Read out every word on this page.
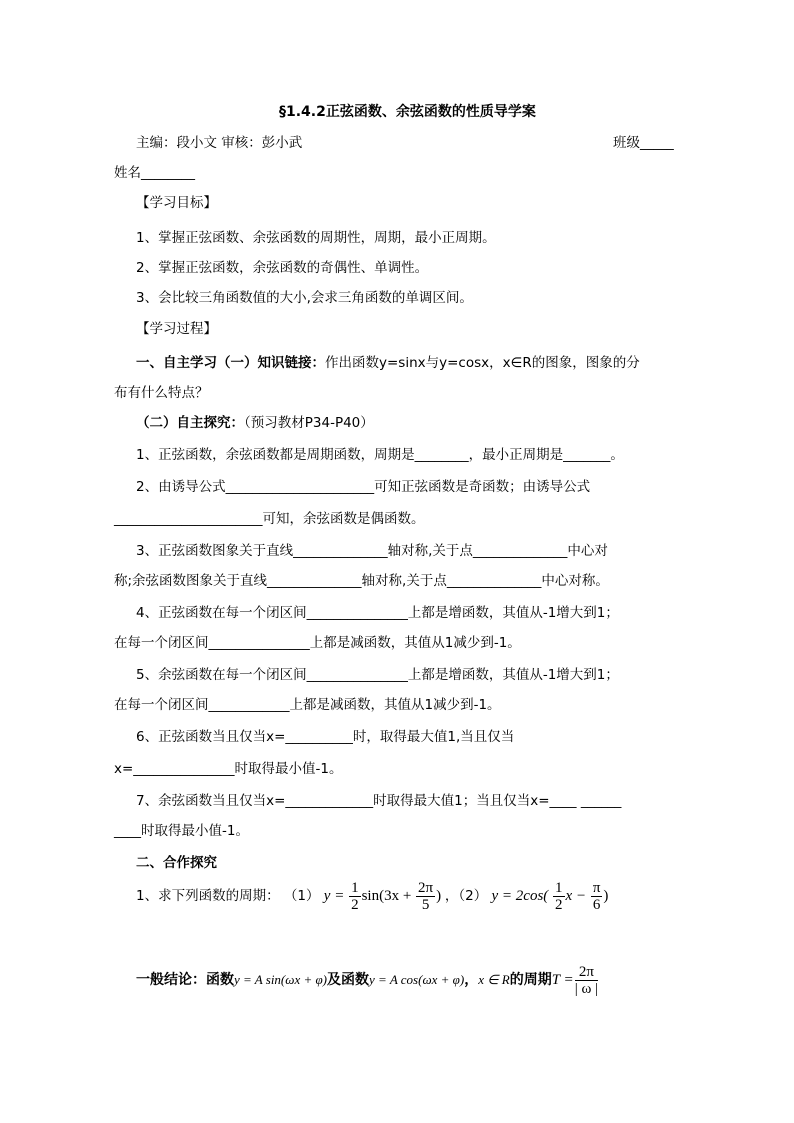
§1.4.2正弦函数、余弦函数的性质导学案
主编：段小文 审核：彭小武	班级_____
姓名________
【学习目标】
1、掌握正弦函数、余弦函数的周期性，周期，最小正周期。
2、掌握正弦函数，余弦函数的奇偶性、单调性。
3、会比较三角函数值的大小,会求三角函数的单调区间。
【学习过程】
一、自主学习（一）知识链接：作出函数y=sinx与y=cosx，x∈R的图象，图象的分
布有什么特点？
（二）自主探究：（预习教材P34-P40）
1、正弦函数，余弦函数都是周期函数，周期是________，最小正周期是_______。
2、由诱导公式______________________可知正弦函数是奇函数；由诱导公式
______________________可知，余弦函数是偶函数。
3、正弦函数图象关于直线______________轴对称,关于点______________中心对
称;余弦函数图象关于直线______________轴对称,关于点______________中心对称。
4、正弦函数在每一个闭区间_______________上都是增函数，其值从-1增大到1；
在每一个闭区间_______________上都是减函数，其值从1减少到-1。
5、余弦函数在每一个闭区间_______________上都是增函数，其值从-1增大到1；
在每一个闭区间____________上都是减函数，其值从1减少到-1。
6、正弦函数当且仅当x=__________时，取得最大值1,当且仅当
x=_______________时取得最小值-1。
7、余弦函数当且仅当x=_____________时取得最大值1；当且仅当x=____ ______
____时取得最小值-1。
二、合作探究
1、求下列函数的周期： （1） $y = \frac{1}{2} \sin(3x + \frac{2\pi}{5}$ ) ，（2） $y = 2\cos( \frac{1}{2}$ $x - \frac{\pi}{6}$ )
一般结论：函数y = A sin(ωx + φ)及函数y = A cos(ωx + φ)，x ∈ R的周期$T = \frac{2\pi}{| \omega |}$
